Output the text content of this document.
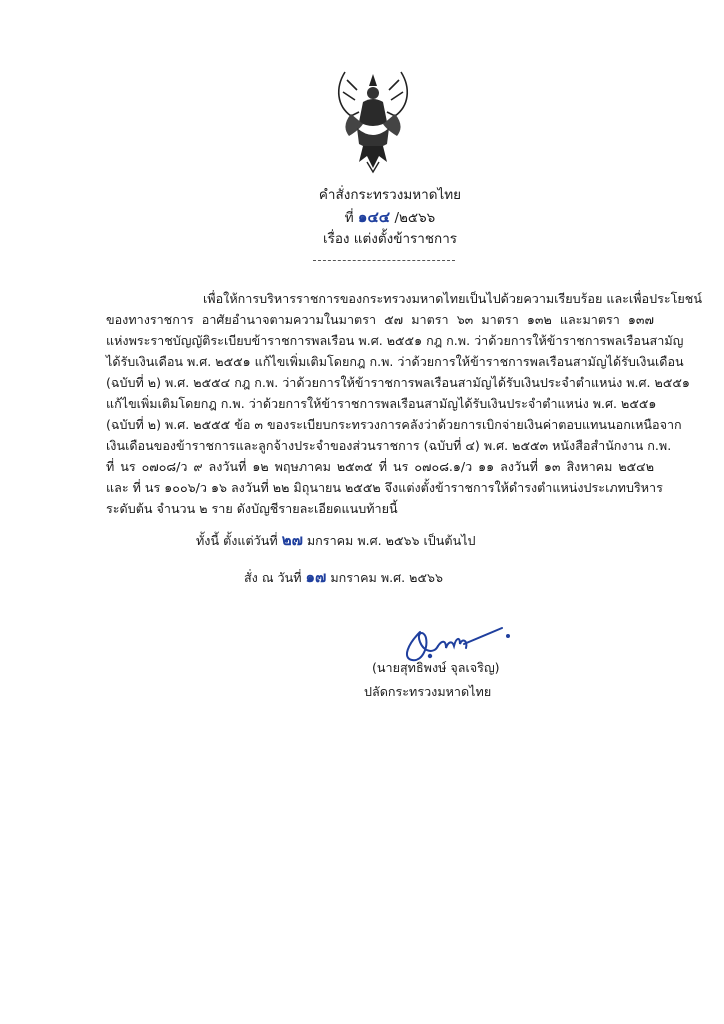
คำสั่งกระทรวงมหาดไทย
ที่ ๑๔๔ /๒๕๖๖
เรื่อง แต่งตั้งข้าราชการ
เพื่อให้การบริหารราชการของกระทรวงมหาดไทยเป็นไปด้วยความเรียบร้อย และเพื่อประโยชน์
ของทางราชการ อาศัยอำนาจตามความในมาตรา ๕๗ มาตรา ๖๓ มาตรา ๑๓๒ และมาตรา ๑๓๗
แห่งพระราชบัญญัติระเบียบข้าราชการพลเรือน พ.ศ. ๒๕๕๑ กฎ ก.พ. ว่าด้วยการให้ข้าราชการพลเรือนสามัญ
ได้รับเงินเดือน พ.ศ. ๒๕๕๑ แก้ไขเพิ่มเติมโดยกฎ ก.พ. ว่าด้วยการให้ข้าราชการพลเรือนสามัญได้รับเงินเดือน
(ฉบับที่ ๒) พ.ศ. ๒๕๕๔ กฎ ก.พ. ว่าด้วยการให้ข้าราชการพลเรือนสามัญได้รับเงินประจำตำแหน่ง พ.ศ. ๒๕๕๑
แก้ไขเพิ่มเติมโดยกฎ ก.พ. ว่าด้วยการให้ข้าราชการพลเรือนสามัญได้รับเงินประจำตำแหน่ง พ.ศ. ๒๕๕๑
(ฉบับที่ ๒) พ.ศ. ๒๕๕๕ ข้อ ๓ ของระเบียบกระทรวงการคลังว่าด้วยการเบิกจ่ายเงินค่าตอบแทนนอกเหนือจาก
เงินเดือนของข้าราชการและลูกจ้างประจำของส่วนราชการ (ฉบับที่ ๔) พ.ศ. ๒๕๕๓ หนังสือสำนักงาน ก.พ.
ที่ นร ๐๗๐๘/ว ๙ ลงวันที่ ๑๒ พฤษภาคม ๒๕๓๕ ที่ นร ๐๗๐๘.๑/ว ๑๑ ลงวันที่ ๑๓ สิงหาคม ๒๕๔๒
และ ที่ นร ๑๐๐๖/ว ๑๖ ลงวันที่ ๒๒ มิถุนายน ๒๕๕๒ จึงแต่งตั้งข้าราชการให้ดำรงตำแหน่งประเภทบริหาร
ระดับต้น จำนวน ๒ ราย ดังบัญชีรายละเอียดแนบท้ายนี้
ทั้งนี้ ตั้งแต่วันที่ ๒๗ มกราคม พ.ศ. ๒๕๖๖ เป็นต้นไป
สั่ง ณ วันที่ ๑๗ มกราคม พ.ศ. ๒๕๖๖
(นายสุทธิพงษ์ จุลเจริญ)
ปลัดกระทรวงมหาดไทย
